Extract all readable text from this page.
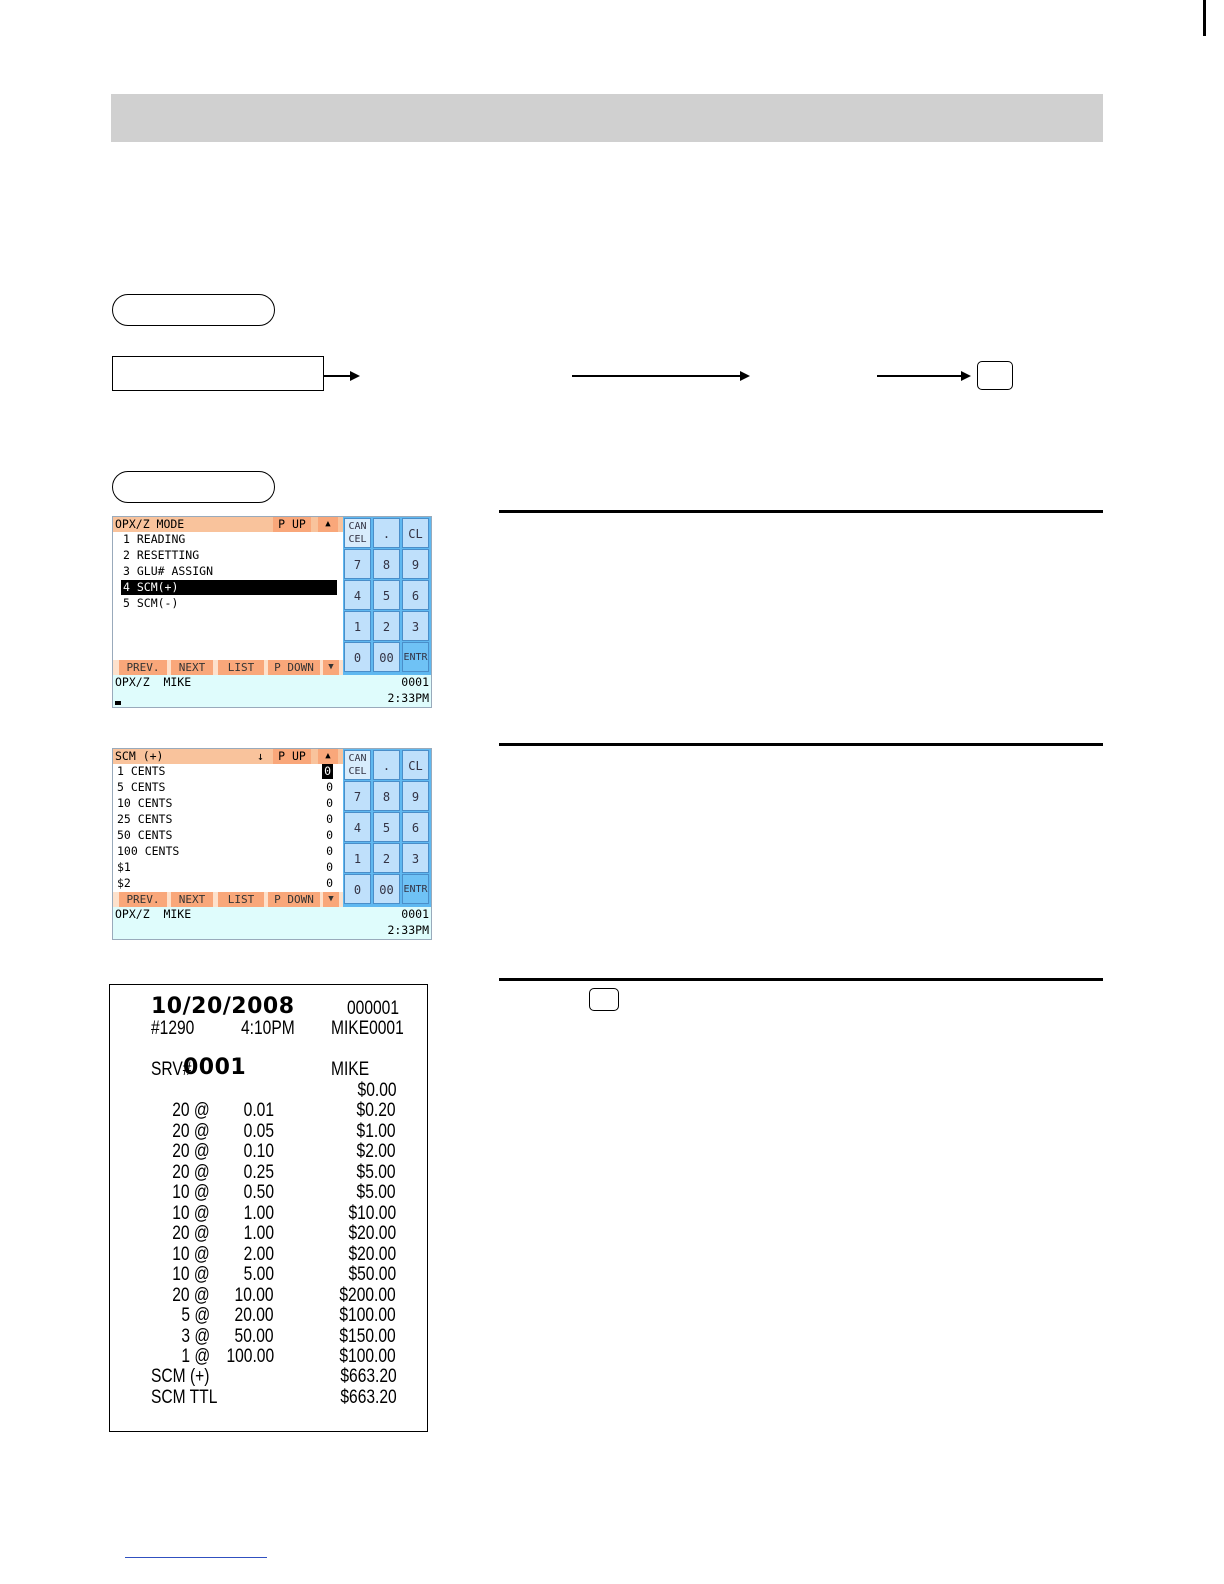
OPX/Z MODE	P UP	▲
1 READING
2 RESETTING
3 GLU# ASSIGN
4 SCM(+)
5 SCM(-)
PREV.	NEXT	LIST	P DOWN	▼
OPX/Z  MIKE	0001
2:33PM
CAN
CEL	.	CL
7	8	9
4	5	6
1	2	3
0	00 ENTR
SCM (+)	↓	P UP	▲
1 CENTS	0
5 CENTS	0
10 CENTS	0
25 CENTS	0
50 CENTS	0
100 CENTS	0
$1	0
$2	0
PREV.	NEXT	LIST	P DOWN	▼
OPX/Z  MIKE	0001
2:33PM
CAN
CEL	.	CL
7	8	9
4	5	6
1	2	3
0	00 ENTR
10/20/2008	000001
#1290 4:10PM MIKE0001
SRV#
0001	MIKE
$0.00
20 @ 0.01	$0.20
20 @ 0.05	$1.00
20 @ 0.10	$2.00
20 @ 0.25	$5.00
10 @ 0.50	$5.00
10 @ 1.00	$10.00
20 @ 1.00	$20.00
10 @ 2.00	$20.00
10 @ 5.00	$50.00
20 @ 10.00	$200.00
5 @ 20.00	$100.00
3 @ 50.00	$150.00
1 @ 100.00	$100.00
SCM (+)	$663.20
SCM TTL	$663.20
